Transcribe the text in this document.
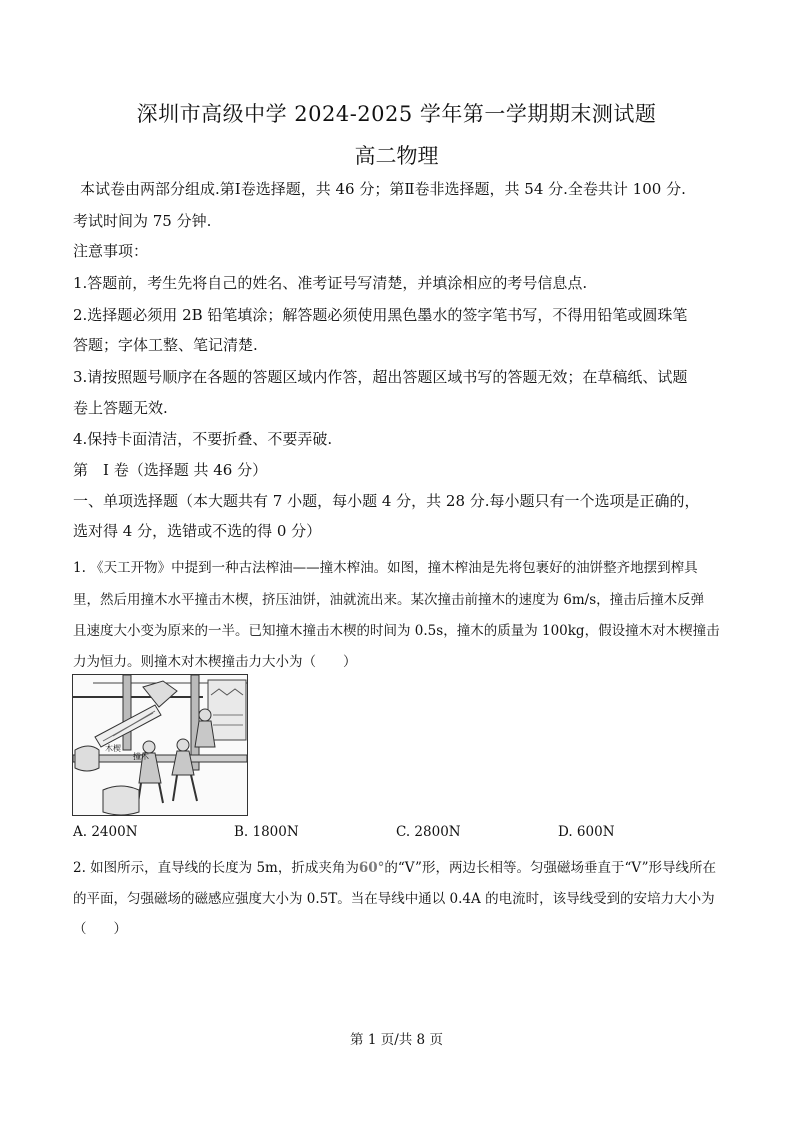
深圳市高级中学 2024-2025 学年第一学期期末测试题
高二物理
本试卷由两部分组成.第Ⅰ卷选择题，共 46 分；第Ⅱ卷非选择题，共 54 分.全卷共计 100 分.
考试时间为 75 分钟.
注意事项：
1.答题前，考生先将自己的姓名、准考证号写清楚，并填涂相应的考号信息点.
2.选择题必须用 2B 铅笔填涂；解答题必须使用黑色墨水的签字笔书写，不得用铅笔或圆珠笔
答题；字体工整、笔记清楚.
3.请按照题号顺序在各题的答题区域内作答，超出答题区域书写的答题无效；在草稿纸、试题
卷上答题无效.
4.保持卡面清洁，不要折叠、不要弄破.
第　Ⅰ 卷（选择题 共 46 分）
一、单项选择题（本大题共有 7 小题，每小题 4 分，共 28 分.每小题只有一个选项是正确的，
选对得 4 分，选错或不选的得 0 分）
1. 《天工开物》中提到一种古法榨油——撞木榨油。如图，撞木榨油是先将包裹好的油饼整齐地摆到榨具
里，然后用撞木水平撞击木楔，挤压油饼，油就流出来。某次撞击前撞木的速度为 6m/s，撞击后撞木反弹
且速度大小变为原来的一半。已知撞木撞击木楔的时间为 0.5s，撞木的质量为 100kg，假设撞木对木楔撞击
力为恒力。则撞木对木楔撞击力大小为（　　）
木楔
撞木
A. 2400N	B. 1800N	C. 2800N	D. 600N
2. 如图所示，直导线的长度为 5m，折成夹角为60°的“V”形，两边长相等。匀强磁场垂直于“V”形导线所在
的平面，匀强磁场的磁感应强度大小为 0.5T。当在导线中通以 0.4A 的电流时，该导线受到的安培力大小为
（　　）
第 1 页/共 8 页
